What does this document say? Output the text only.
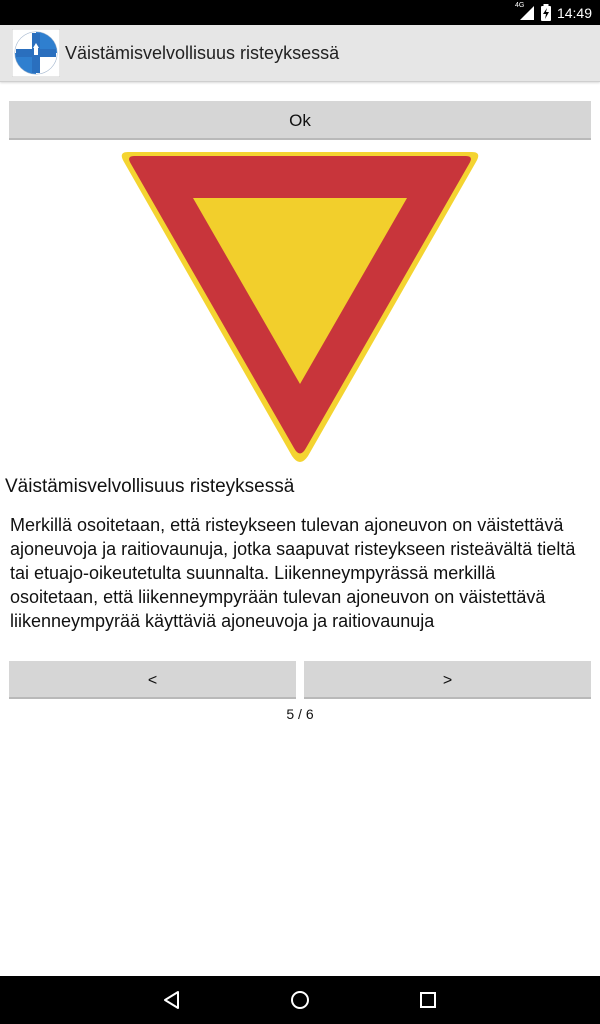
4G 14:49
Väistämisvelvollisuus risteyksessä
Ok
Väistämisvelvollisuus risteyksessä

Merkillä osoitetaan, että risteykseen tulevan ajoneuvon on väistettävä ajoneuvoja ja raitiovaunuja, jotka saapuvat risteykseen risteävältä tieltä tai etuajo-oikeutetulta suunnalta. Liikenneympyrässä merkillä osoitetaan, että liikenneympyrään tulevan ajoneuvon on väistettävä liikenneympyrää käyttäviä ajoneuvoja ja raitiovaunuja

<	>
5 / 6
